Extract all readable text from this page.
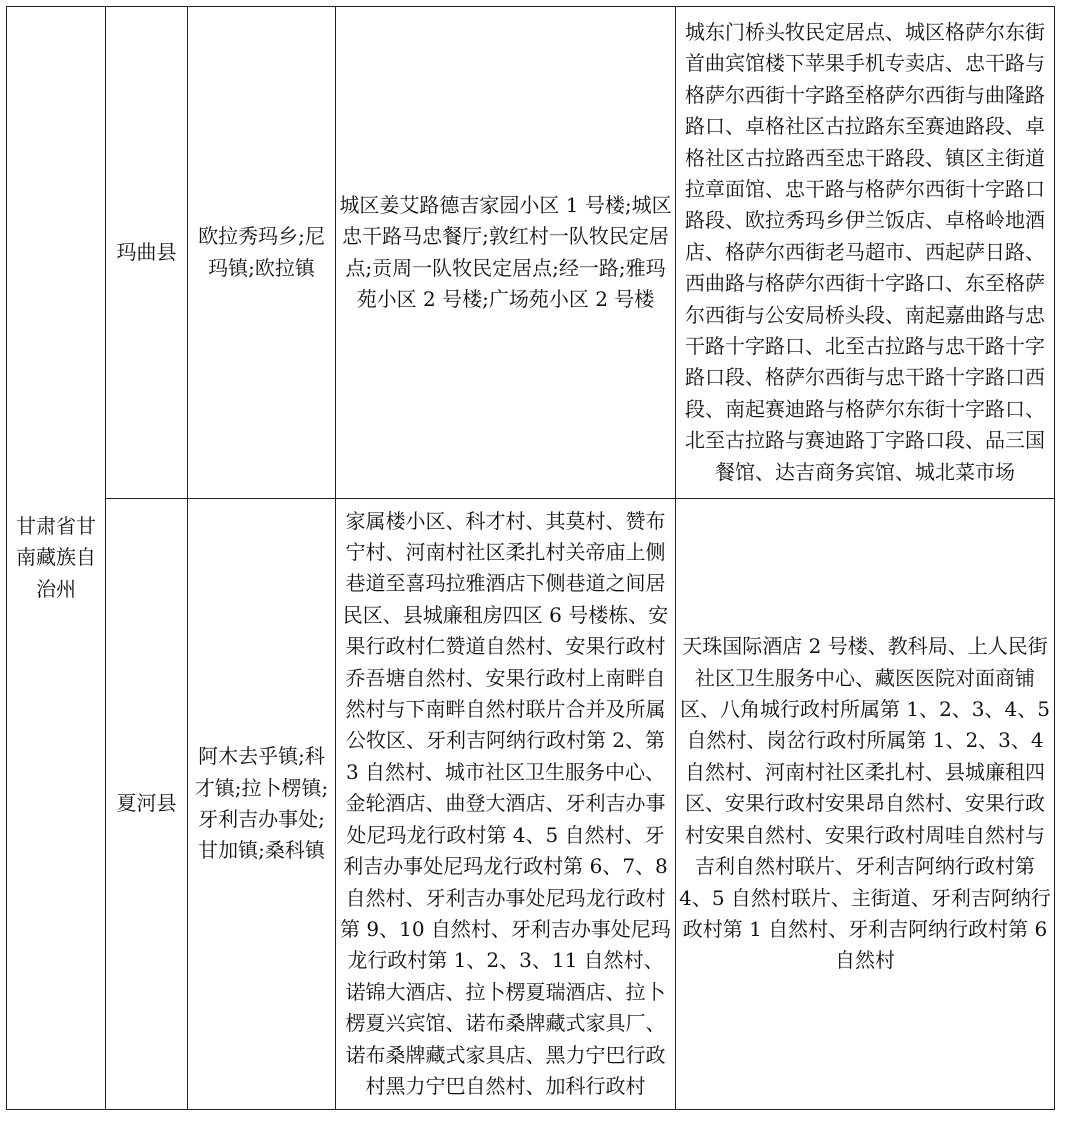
甘肃省甘南藏族自治州	玛曲县	欧拉秀玛乡;尼玛镇;欧拉镇	城区姜艾路德吉家园小区 1 号楼;城区忠干路马忠餐厅;敦红村一队牧民定居点;贡周一队牧民定居点;经一路;雅玛苑小区 2 号楼;广场苑小区 2 号楼	城东门桥头牧民定居点、城区格萨尔东街首曲宾馆楼下苹果手机专卖店、忠干路与格萨尔西街十字路至格萨尔西街与曲隆路路口、卓格社区古拉路东至赛迪路段、卓格社区古拉路西至忠干路段、镇区主街道拉章面馆、忠干路与格萨尔西街十字路口路段、欧拉秀玛乡伊兰饭店、卓格岭地酒店、格萨尔西街老马超市、西起萨日路、西曲路与格萨尔西街十字路口、东至格萨尔西街与公安局桥头段、南起嘉曲路与忠干路十字路口、北至古拉路与忠干路十字路口段、格萨尔西街与忠干路十字路口西段、南起赛迪路与格萨尔东街十字路口、北至古拉路与赛迪路丁字路口段、品三国餐馆、达吉商务宾馆、城北菜市场
	夏河县	阿木去乎镇;科才镇;拉卜楞镇;牙利吉办事处;甘加镇;桑科镇	家属楼小区、科才村、其莫村、赞布宁村、河南村社区柔扎村关帝庙上侧巷道至喜玛拉雅酒店下侧巷道之间居民区、县城廉租房四区 6 号楼栋、安果行政村仁赞道自然村、安果行政村乔吾塘自然村、安果行政村上南畔自然村与下南畔自然村联片合并及所属公牧区、牙利吉阿纳行政村第 2、第 3 自然村、城市社区卫生服务中心、金轮酒店、曲登大酒店、牙利吉办事处尼玛龙行政村第 4、5 自然村、牙利吉办事处尼玛龙行政村第 6、7、8 自然村、牙利吉办事处尼玛龙行政村第 9、10 自然村、牙利吉办事处尼玛龙行政村第 1、2、3、11 自然村、诺锦大酒店、拉卜楞夏瑞酒店、拉卜楞夏兴宾馆、诺布桑牌藏式家具厂、诺布桑牌藏式家具店、黑力宁巴行政村黑力宁巴自然村、加科行政村	天珠国际酒店 2 号楼、教科局、上人民街社区卫生服务中心、藏医医院对面商铺区、八角城行政村所属第 1、2、3、4、5 自然村、岗岔行政村所属第 1、2、3、4 自然村、河南村社区柔扎村、县城廉租四区、安果行政村安果昂自然村、安果行政村安果自然村、安果行政村周哇自然村与吉利自然村联片、牙利吉阿纳行政村第 4、5 自然村联片、主街道、牙利吉阿纳行政村第 1 自然村、牙利吉阿纳行政村第 6 自然村
